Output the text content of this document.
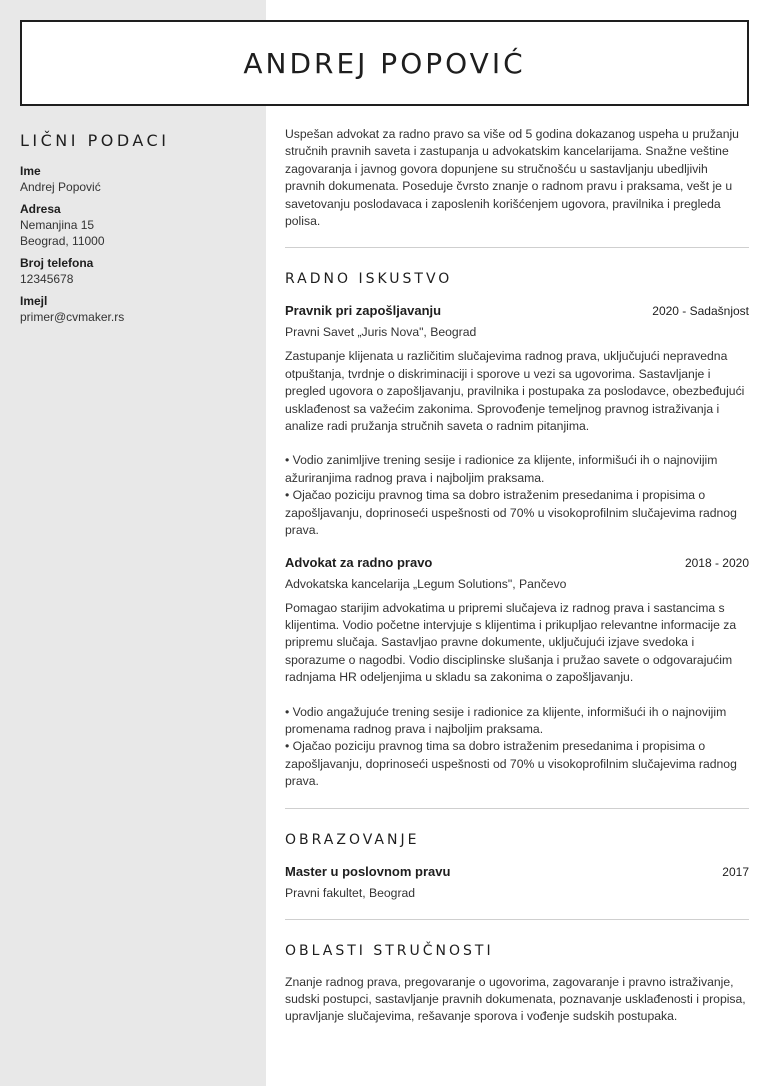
ANDREJ POPOVIĆ
LIČNI PODACI
Ime
Andrej Popović
Adresa
Nemanjina 15
Beograd, 11000
Broj telefona
12345678
Imejl
primer@cvmaker.rs

Uspešan advokat za radno pravo sa više od 5 godina dokazanog uspeha u pružanju stručnih pravnih saveta i zastupanja u advokatskim kancelarijama. Snažne veštine zagovaranja i javnog govora dopunjene su stručnošću u sastavljanju ubedljivih pravnih dokumenata. Poseduje čvrsto znanje o radnom pravu i praksama, vešt je u savetovanju poslodavaca i zaposlenih korišćenjem ugovora, pravilnika i pregleda polisa.

RADNO ISKUSTVO
Pravnik pri zapošljavanju	2020 - Sadašnjost
Pravni Savet „Juris Nova", Beograd

Zastupanje klijenata u različitim slučajevima radnog prava, uključujući nepravedna otpuštanja, tvrdnje o diskriminaciji i sporove u vezi sa ugovorima. Sastavljanje i pregled ugovora o zapošljavanju, pravilnika i postupaka za poslodavce, obezbeđujući usklađenost sa važećim zakonima. Sprovođenje temeljnog pravnog istraživanja i analize radi pružanja stručnih saveta o radnim pitanjima.

• Vodio zanimljive trening sesije i radionice za klijente, informišući ih o najnovijim ažuriranjima radnog prava i najboljim praksama.
• Ojačao poziciju pravnog tima sa dobro istraženim presedanima i propisima o zapošljavanju, doprinoseći uspešnosti od 70% u visokoprofilnim slučajevima radnog prava.
Advokat za radno pravo	2018 - 2020
Advokatska kancelarija „Legum Solutions", Pančevo

Pomagao starijim advokatima u pripremi slučajeva iz radnog prava i sastancima s klijentima. Vodio početne intervjuje s klijentima i prikupljao relevantne informacije za pripremu slučaja. Sastavljao pravne dokumente, uključujući izjave svedoka i sporazume o nagodbi. Vodio disciplinske slušanja i pružao savete o odgovarajućim radnjama HR odeljenjima u skladu sa zakonima o zapošljavanju.

• Vodio angažujuće trening sesije i radionice za klijente, informišući ih o najnovijim promenama radnog prava i najboljim praksama.
• Ojačao poziciju pravnog tima sa dobro istraženim presedanima i propisima o zapošljavanju, doprinoseći uspešnosti od 70% u visokoprofilnim slučajevima radnog prava.
OBRAZOVANJE
Master u poslovnom pravu	2017
Pravni fakultet, Beograd
OBLASTI STRUČNOSTI

Znanje radnog prava, pregovaranje o ugovorima, zagovaranje i pravno istraživanje, sudski postupci, sastavljanje pravnih dokumenata, poznavanje usklađenosti i propisa, upravljanje slučajevima, rešavanje sporova i vođenje sudskih postupaka.
